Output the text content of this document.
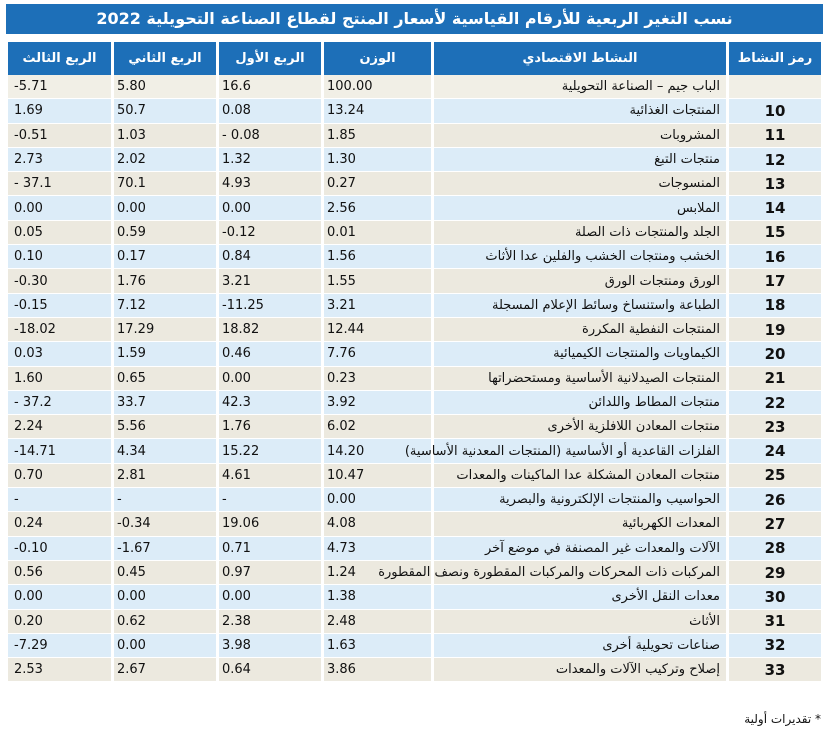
نسب التغير الربعية للأرقام القياسية لأسعار المنتج لقطاع الصناعة التحويلية 2022
رمز النشاط	النشاط الاقتصادي	الوزن	الربع الأول	الربع الثاني	الربع الثالث
	الباب جيم – الصناعة التحويلية	100.00	16.6	5.80	-5.71
10	المنتجات الغذائية	13.24	0.08	50.7	1.69
11	المشروبات	1.85	- 0.08	1.03	-0.51
12	منتجات التبغ	1.30	1.32	2.02	2.73
13	المنسوجات	0.27	4.93	70.1	- 37.1
14	الملابس	2.56	0.00	0.00	0.00
15	الجلد والمنتجات ذات الصلة	0.01	-0.12	0.59	0.05
16	الخشب ومنتجات الخشب والفلين عدا الأثاث	1.56	0.84	0.17	0.10
17	الورق ومنتجات الورق	1.55	3.21	1.76	-0.30
18	الطباعة واستنساخ وسائط الإعلام المسجلة	3.21	-11.25	7.12	-0.15
19	المنتجات النفطية المكررة	12.44	18.82	17.29	-18.02
20	الكيماويات والمنتجات الكيميائية	7.76	0.46	1.59	0.03
21	المنتجات الصيدلانية الأساسية ومستحضراتها	0.23	0.00	0.65	1.60
22	منتجات المطاط واللدائن	3.92	42.3	33.7	- 37.2
23	منتجات المعادن اللافلزية الأخرى	6.02	1.76	5.56	2.24
24	الفلزات القاعدية أو الأساسية (المنتجات المعدنية الأساسية)	14.20	15.22	4.34	-14.71
25	منتجات المعادن المشكلة عدا الماكينات والمعدات	10.47	4.61	2.81	0.70
26	الحواسيب والمنتجات الإلكترونية والبصرية	0.00	-	-	-
27	المعدات الكهربائية	4.08	19.06	-0.34	0.24
28	الآلات والمعدات غير المصنفة في موضع آخر	4.73	0.71	-1.67	-0.10
29	المركبات ذات المحركات والمركبات المقطورة ونصف المقطورة	1.24	0.97	0.45	0.56
30	معدات النقل الأخرى	1.38	0.00	0.00	0.00
31	الأثاث	2.48	2.38	0.62	0.20
32	صناعات تحويلية أخرى	1.63	3.98	0.00	-7.29
33	إصلاح وتركيب الآلات والمعدات	3.86	0.64	2.67	2.53
* تقديرات أولية
